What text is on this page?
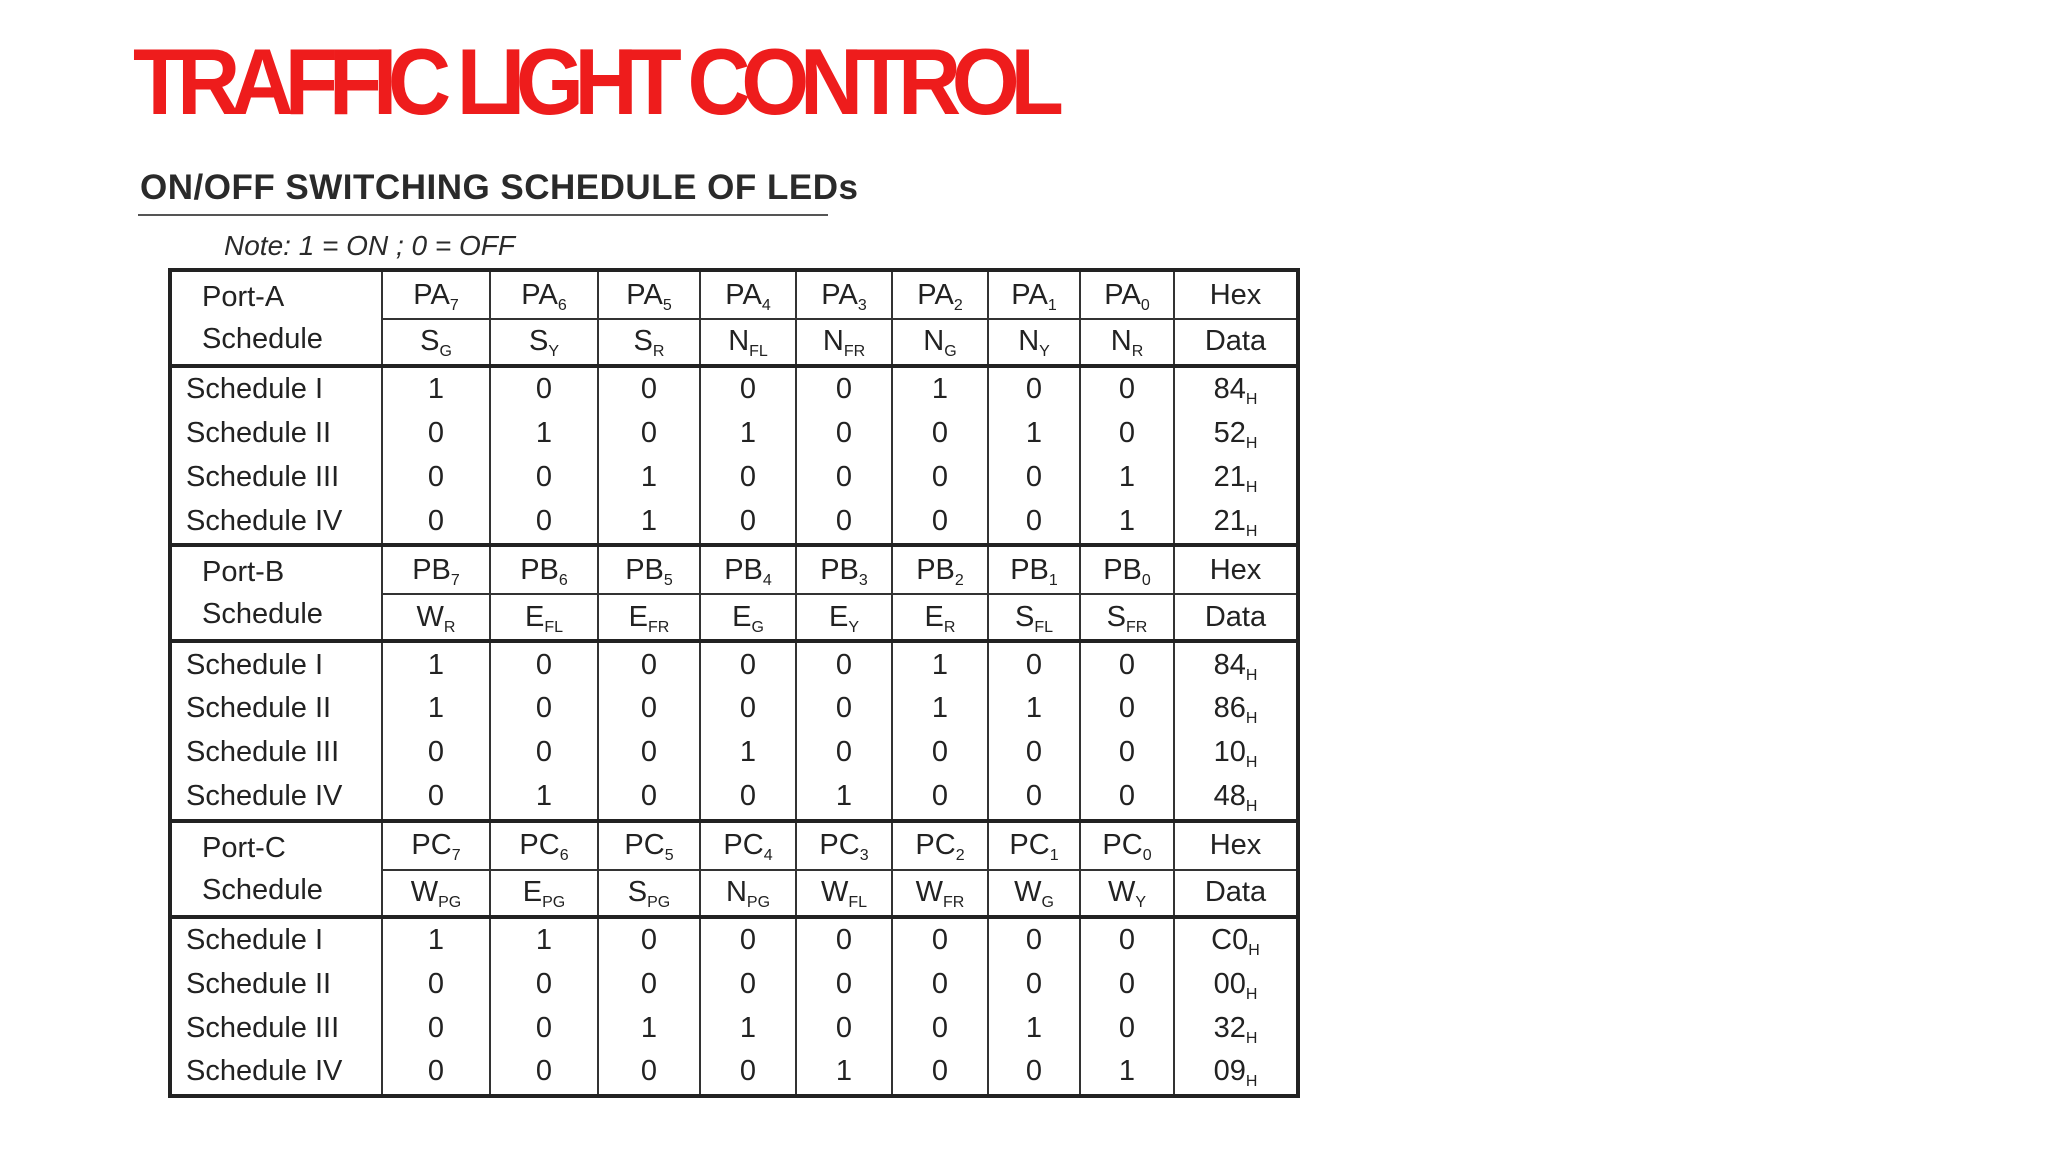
TRAFFIC LIGHT CONTROL
ON/OFF SWITCHING SCHEDULE OF LEDs
Note: 1 = ON ; 0 = OFF
Port-A
Schedule	$PA_7$	$PA_6$	$PA_5$	$PA_4$	$PA_3$	$PA_2$	$PA_1$	$PA_0$	Hex
	$S_G$	$S_Y$	$S_R$	$N_{FL}$	$N_{FR}$	$N_G$	$N_Y$	$N_R$	Data
Schedule I	1	0	0	0	0	1	0	0	$84_H$
Schedule II	0	1	0	1	0	0	1	0	$52_H$
Schedule III	0	0	1	0	0	0	0	1	$21_H$
Schedule IV	0	0	1	0	0	0	0	1	$21_H$

Port-B
Schedule	$PB_7$	$PB_6$	$PB_5$	$PB_4$	$PB_3$	$PB_2$	$PB_1$	$PB_0$	Hex
	$W_R$	$E_{FL}$	$E_{FR}$	$E_G$	$E_Y$	$E_R$	$S_{FL}$	$S_{FR}$	Data
Schedule I	1	0	0	0	0	1	0	0	$84_H$
Schedule II	1	0	0	0	0	1	1	0	$86_H$
Schedule III	0	0	0	1	0	0	0	0	$10_H$
Schedule IV	0	1	0	0	1	0	0	0	$48_H$

Port-C
Schedule	$PC_7$	$PC_6$	$PC_5$	$PC_4$	$PC_3$	$PC_2$	$PC_1$	$PC_0$	Hex
	$W_{PG}$	$E_{PG}$	$S_{PG}$	$N_{PG}$	$W_{FL}$	$W_{FR}$	$W_G$	$W_Y$	Data
Schedule I	1	1	0	0	0	0	0	0	$C0_H$
Schedule II	0	0	0	0	0	0	0	0	$00_H$
Schedule III	0	0	1	1	0	0	1	0	$32_H$
Schedule IV	0	0	0	0	1	0	0	1	$09_H$
